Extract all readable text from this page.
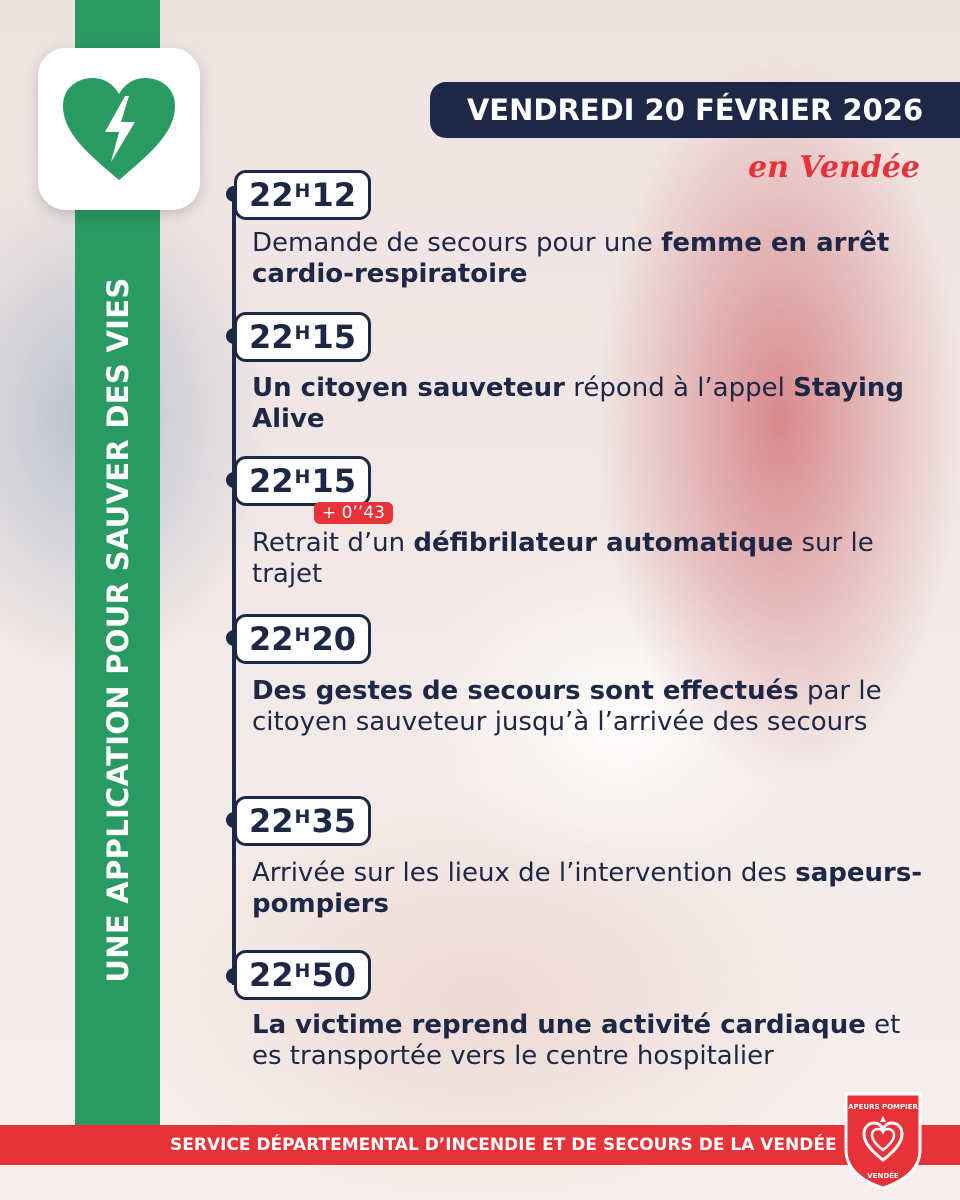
UNE APPLICATION POUR SAUVER DES VIES
VENDREDI 20 FÉVRIER 2026
en Vendée
$22^H12$
Demande de secours pour une femme en arrêt cardio-respiratoire
$22^H15$
Un citoyen sauveteur répond à l’appel Staying Alive
$22^H15$
+ 0’’43
Retrait d’un défibrilateur automatique sur le trajet
$22^H20$
Des gestes de secours sont effectués par le citoyen sauveteur jusqu’à l’arrivée des secours
$22^H35$
Arrivée sur les lieux de l’intervention des sapeurs-pompiers
$22^H50$
La victime reprend une activité cardiaque et es transportée vers le centre hospitalier
SERVICE DÉPARTEMENTAL D’INCENDIE ET DE SECOURS DE LA VENDÉE
SAPEURS POMPIERS
VENDÉE
